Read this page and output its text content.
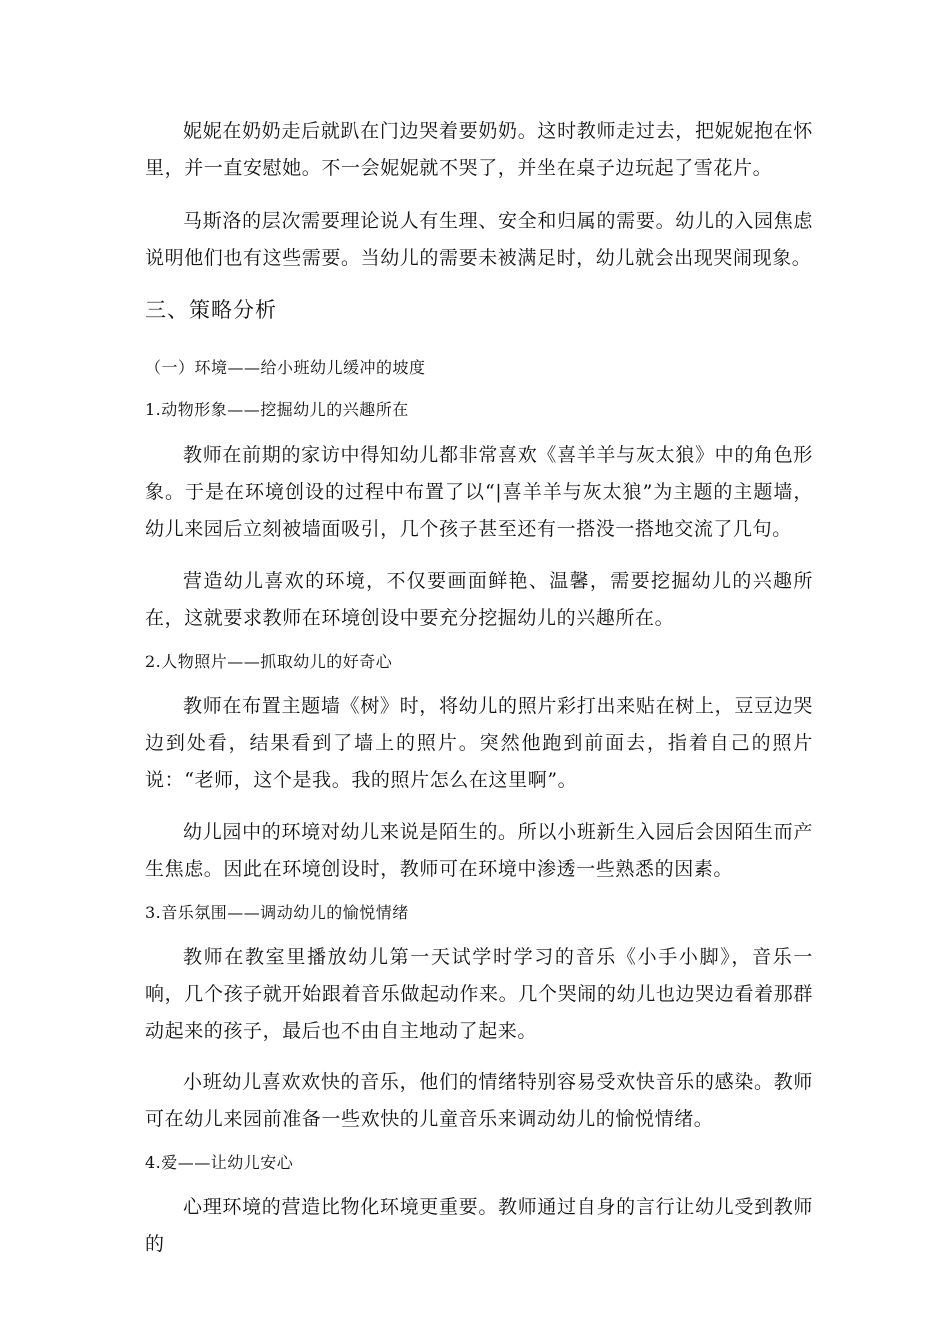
妮妮在奶奶走后就趴在门边哭着要奶奶。这时教师走过去，把妮妮抱在怀里，并一直安慰她。不一会妮妮就不哭了，并坐在桌子边玩起了雪花片。

马斯洛的层次需要理论说人有生理、安全和归属的需要。幼儿的入园焦虑说明他们也有这些需要。当幼儿的需要未被满足时，幼儿就会出现哭闹现象。

三、策略分析
（一）环境——给小班幼儿缓冲的坡度
1.动物形象——挖掘幼儿的兴趣所在

教师在前期的家访中得知幼儿都非常喜欢《喜羊羊与灰太狼》中的角色形象。于是在环境创设的过程中布置了以“|喜羊羊与灰太狼”为主题的主题墙，幼儿来园后立刻被墙面吸引，几个孩子甚至还有一搭没一搭地交流了几句。

营造幼儿喜欢的环境，不仅要画面鲜艳、温馨，需要挖掘幼儿的兴趣所在，这就要求教师在环境创设中要充分挖掘幼儿的兴趣所在。

2.人物照片——抓取幼儿的好奇心

教师在布置主题墙《树》时，将幼儿的照片彩打出来贴在树上，豆豆边哭边到处看，结果看到了墙上的照片。突然他跑到前面去，指着自己的照片说：“老师，这个是我。我的照片怎么在这里啊”。

幼儿园中的环境对幼儿来说是陌生的。所以小班新生入园后会因陌生而产生焦虑。因此在环境创设时，教师可在环境中渗透一些熟悉的因素。

3.音乐氛围——调动幼儿的愉悦情绪

教师在教室里播放幼儿第一天试学时学习的音乐《小手小脚》，音乐一响，几个孩子就开始跟着音乐做起动作来。几个哭闹的幼儿也边哭边看着那群动起来的孩子，最后也不由自主地动了起来。

小班幼儿喜欢欢快的音乐，他们的情绪特别容易受欢快音乐的感染。教师可在幼儿来园前准备一些欢快的儿童音乐来调动幼儿的愉悦情绪。

4.爱——让幼儿安心

心理环境的营造比物化环境更重要。教师通过自身的言行让幼儿受到教师的
